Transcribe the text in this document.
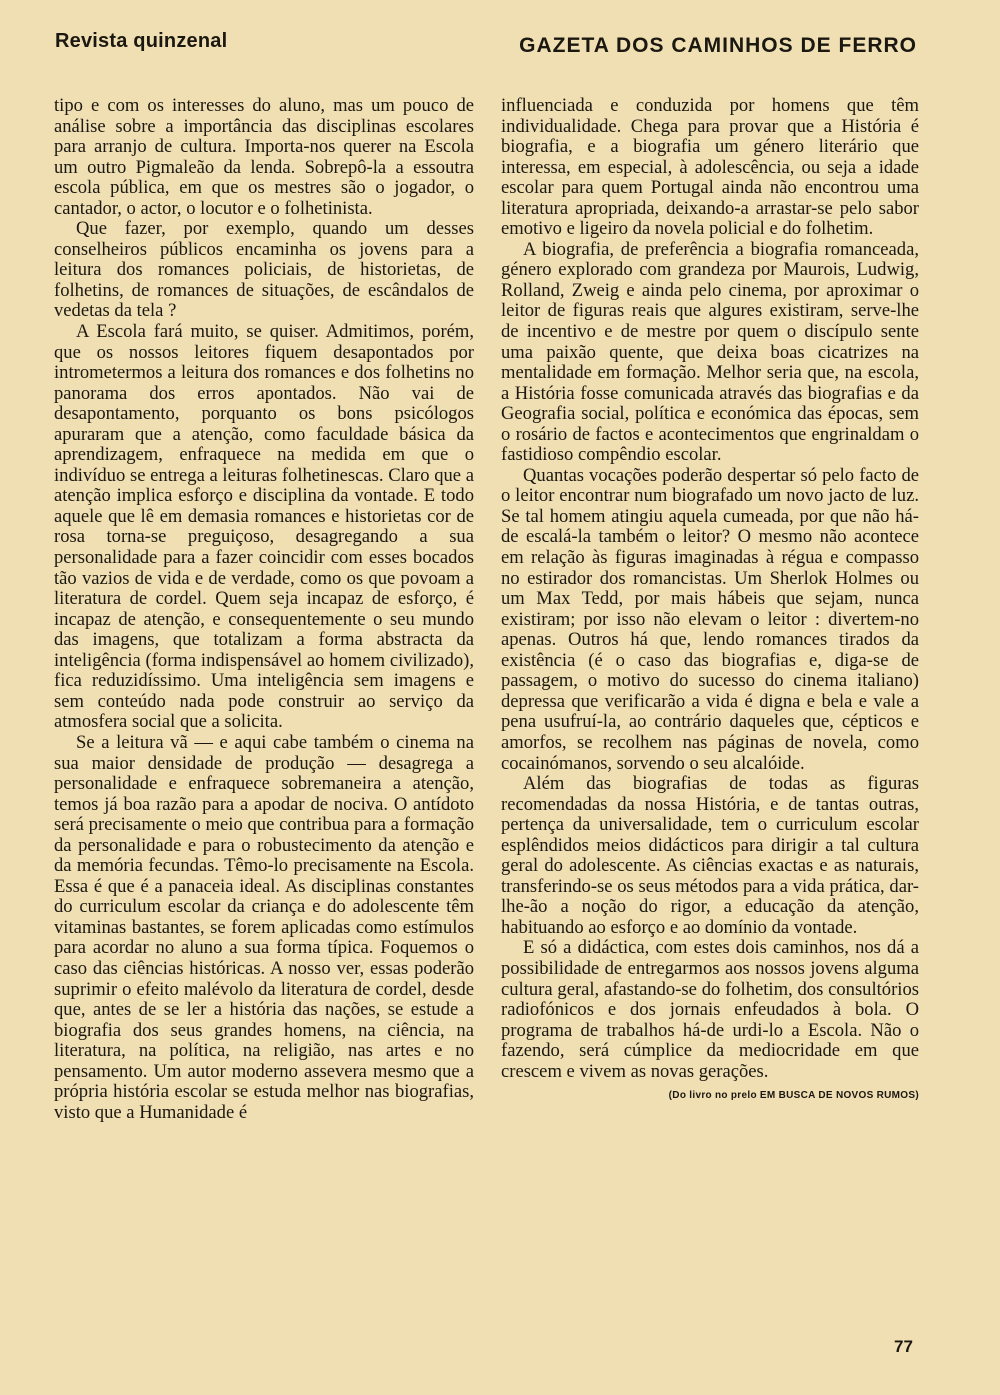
Revista quinzenal	GAZETA DOS CAMINHOS DE FERRO

tipo e com os interesses do aluno, mas um pouco de análise sobre a importância das disciplinas escolares para arranjo de cultura. Importa-nos querer na Escola um outro Pigmaleão da lenda. Sobrepô-la a essoutra escola pública, em que os mestres são o jogador, o cantador, o actor, o locutor e o folhetinista.

Que fazer, por exemplo, quando um desses conselheiros públicos encaminha os jovens para a leitura dos romances policiais, de historietas, de folhetins, de romances de situações, de escândalos de vedetas da tela ?

A Escola fará muito, se quiser. Admitimos, porém, que os nossos leitores fiquem desapontados por intrometermos a leitura dos romances e dos folhetins no panorama dos erros apontados. Não vai de desapontamento, porquanto os bons psicólogos apuraram que a atenção, como faculdade básica da aprendizagem, enfraquece na medida em que o indivíduo se entrega a leituras folhetinescas. Claro que a atenção implica esforço e disciplina da vontade. E todo aquele que lê em demasia romances e historietas cor de rosa torna-se preguiçoso, desagregando a sua personalidade para a fazer coincidir com esses bocados tão vazios de vida e de verdade, como os que povoam a literatura de cordel. Quem seja incapaz de esforço, é incapaz de atenção, e consequentemente o seu mundo das imagens, que totalizam a forma abstracta da inteligência (forma indispensável ao homem civilizado), fica reduzidíssimo. Uma inteligência sem imagens e sem conteúdo nada pode construir ao serviço da atmosfera social que a solicita.

Se a leitura vã — e aqui cabe também o cinema na sua maior densidade de produção — desagrega a personalidade e enfraquece sobremaneira a atenção, temos já boa razão para a apodar de nociva. O antídoto será precisamente o meio que contribua para a formação da personalidade e para o robustecimento da atenção e da memória fecundas. Têmo-lo precisamente na Escola. Essa é que é a panaceia ideal. As disciplinas constantes do curriculum escolar da criança e do adolescente têm vitaminas bastantes, se forem aplicadas como estímulos para acordar no aluno a sua forma típica. Foquemos o caso das ciências históricas. A nosso ver, essas poderão suprimir o efeito malévolo da literatura de cordel, desde que, antes de se ler a história das nações, se estude a biografia dos seus grandes homens, na ciência, na literatura, na política, na religião, nas artes e no pensamento. Um autor moderno assevera mesmo que a própria história escolar se estuda melhor nas biografias, visto que a Humanidade é

influenciada e conduzida por homens que têm individualidade. Chega para provar que a História é biografia, e a biografia um género literário que interessa, em especial, à adolescência, ou seja a idade escolar para quem Portugal ainda não encontrou uma literatura apropriada, deixando-a arrastar-se pelo sabor emotivo e ligeiro da novela policial e do folhetim.

A biografia, de preferência a biografia romanceada, género explorado com grandeza por Maurois, Ludwig, Rolland, Zweig e ainda pelo cinema, por aproximar o leitor de figuras reais que algures existiram, serve-lhe de incentivo e de mestre por quem o discípulo sente uma paixão quente, que deixa boas cicatrizes na mentalidade em formação. Melhor seria que, na escola, a História fosse comunicada através das biografias e da Geografia social, política e económica das épocas, sem o rosário de factos e acontecimentos que engrinaldam o fastidioso compêndio escolar.

Quantas vocações poderão despertar só pelo facto de o leitor encontrar num biografado um novo jacto de luz. Se tal homem atingiu aquela cumeada, por que não há-de escalá-la também o leitor? O mesmo não acontece em relação às figuras imaginadas à régua e compasso no estirador dos romancistas. Um Sherlok Holmes ou um Max Tedd, por mais hábeis que sejam, nunca existiram; por isso não elevam o leitor : divertem-no apenas. Outros há que, lendo romances tirados da existência (é o caso das biografias e, diga-se de passagem, o motivo do sucesso do cinema italiano) depressa que verificarão a vida é digna e bela e vale a pena usufruí-la, ao contrário daqueles que, cépticos e amorfos, se recolhem nas páginas de novela, como cocainómanos, sorvendo o seu alcalóide.

Além das biografias de todas as figuras recomendadas da nossa História, e de tantas outras, pertença da universalidade, tem o curriculum escolar esplêndidos meios didácticos para dirigir a tal cultura geral do adolescente. As ciências exactas e as naturais, transferindo-se os seus métodos para a vida prática, dar-lhe-ão a noção do rigor, a educação da atenção, habituando ao esforço e ao domínio da vontade.

E só a didáctica, com estes dois caminhos, nos dá a possibilidade de entregarmos aos nossos jovens alguma cultura geral, afastando-se do folhetim, dos consultórios radiofónicos e dos jornais enfeudados à bola. O programa de trabalhos há-de urdi-lo a Escola. Não o fazendo, será cúmplice da mediocridade em que crescem e vivem as novas gerações.

(Do livro no prelo EM BUSCA DE NOVOS RUMOS)
77
